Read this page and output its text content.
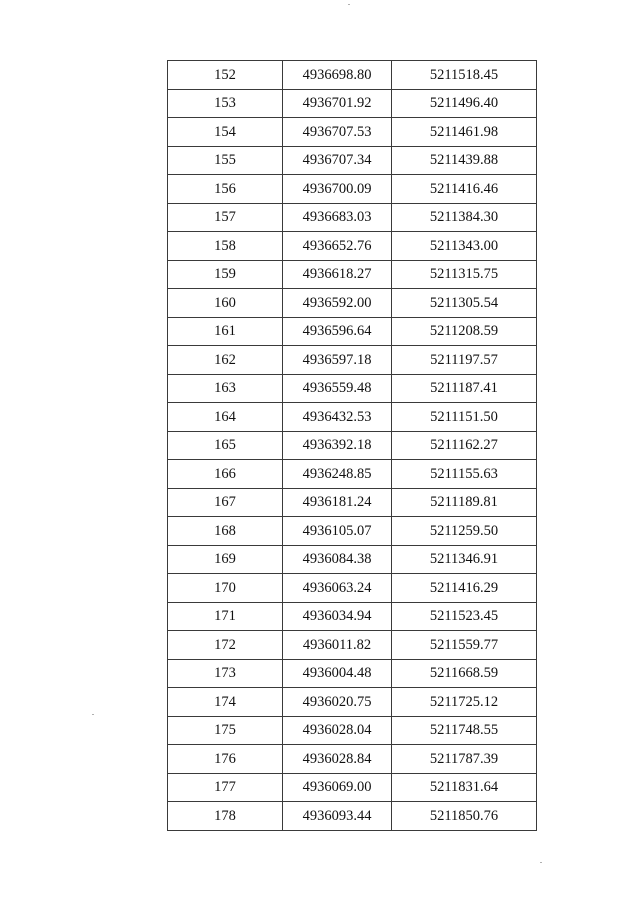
152	4936698.80	5211518.45
153	4936701.92	5211496.40
154	4936707.53	5211461.98
155	4936707.34	5211439.88
156	4936700.09	5211416.46
157	4936683.03	5211384.30
158	4936652.76	5211343.00
159	4936618.27	5211315.75
160	4936592.00	5211305.54
161	4936596.64	5211208.59
162	4936597.18	5211197.57
163	4936559.48	5211187.41
164	4936432.53	5211151.50
165	4936392.18	5211162.27
166	4936248.85	5211155.63
167	4936181.24	5211189.81
168	4936105.07	5211259.50
169	4936084.38	5211346.91
170	4936063.24	5211416.29
171	4936034.94	5211523.45
172	4936011.82	5211559.77
173	4936004.48	5211668.59
174	4936020.75	5211725.12
175	4936028.04	5211748.55
176	4936028.84	5211787.39
177	4936069.00	5211831.64
178	4936093.44	5211850.76
